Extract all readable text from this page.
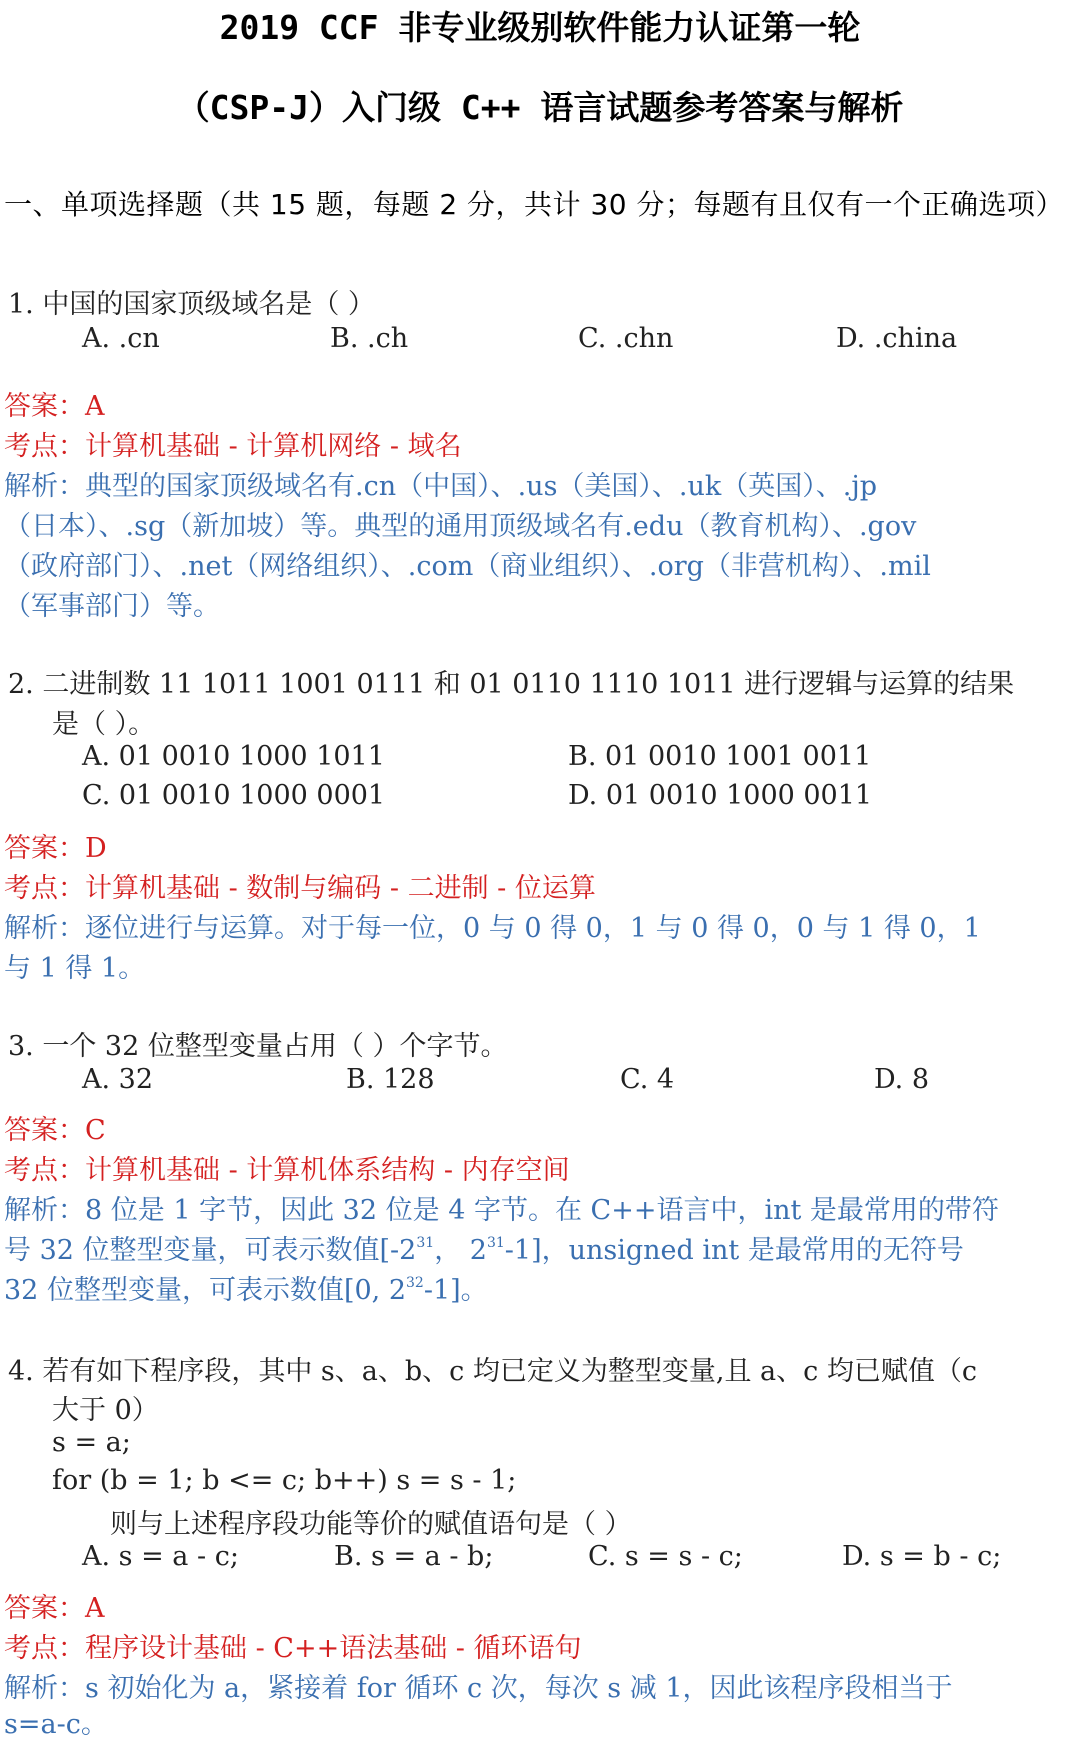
2019 CCF 非专业级别软件能力认证第一轮
（CSP-J）入门级 C++ 语言试题参考答案与解析
一、单项选择题（共 15 题，每题 2 分，共计 30 分；每题有且仅有一个正确选项）
1. 中国的国家顶级域名是（ ）
A. .cn	B. .ch	C. .chn	D. .china
答案：A
考点：计算机基础 - 计算机网络 - 域名
解析：典型的国家顶级域名有.cn（中国）、.us（美国）、.uk（英国）、.jp
（日本）、.sg（新加坡）等。典型的通用顶级域名有.edu（教育机构）、.gov
（政府部门）、.net（网络组织）、.com（商业组织）、.org（非营机构）、.mil
（军事部门）等。
2. 二进制数 11 1011 1001 0111 和 01 0110 1110 1011 进行逻辑与运算的结果
是（ ）。
A. 01 0010 1000 1011	B. 01 0010 1001 0011
C. 01 0010 1000 0001	D. 01 0010 1000 0011
答案：D
考点：计算机基础 - 数制与编码 - 二进制 - 位运算
解析：逐位进行与运算。对于每一位，0 与 0 得 0，1 与 0 得 0，0 与 1 得 0，1
与 1 得 1。
3. 一个 32 位整型变量占用（ ）个字节。
A. 32	B. 128	C. 4	D. 8
答案：C
考点：计算机基础 - 计算机体系结构 - 内存空间
解析：8 位是 1 字节，因此 32 位是 4 字节。在 C++语言中，int 是最常用的带符
号 32 位整型变量，可表示数值[$-2^{31}$， $2^{31}-1$]，unsigned int 是最常用的无符号
32 位整型变量，可表示数值[0, $2^{32}-1$]。
4. 若有如下程序段，其中 s、a、b、c 均已定义为整型变量,且 a、c 均已赋值（c
大于 0）
s = a;
for (b = 1; b <= c; b++) s = s - 1;
则与上述程序段功能等价的赋值语句是（ ）
A. s = a - c;	B. s = a - b;	C. s = s - c;	D. s = b - c;
答案：A
考点：程序设计基础 - C++语法基础 - 循环语句
解析：s 初始化为 a，紧接着 for 循环 c 次，每次 s 减 1，因此该程序段相当于
s=a-c。
